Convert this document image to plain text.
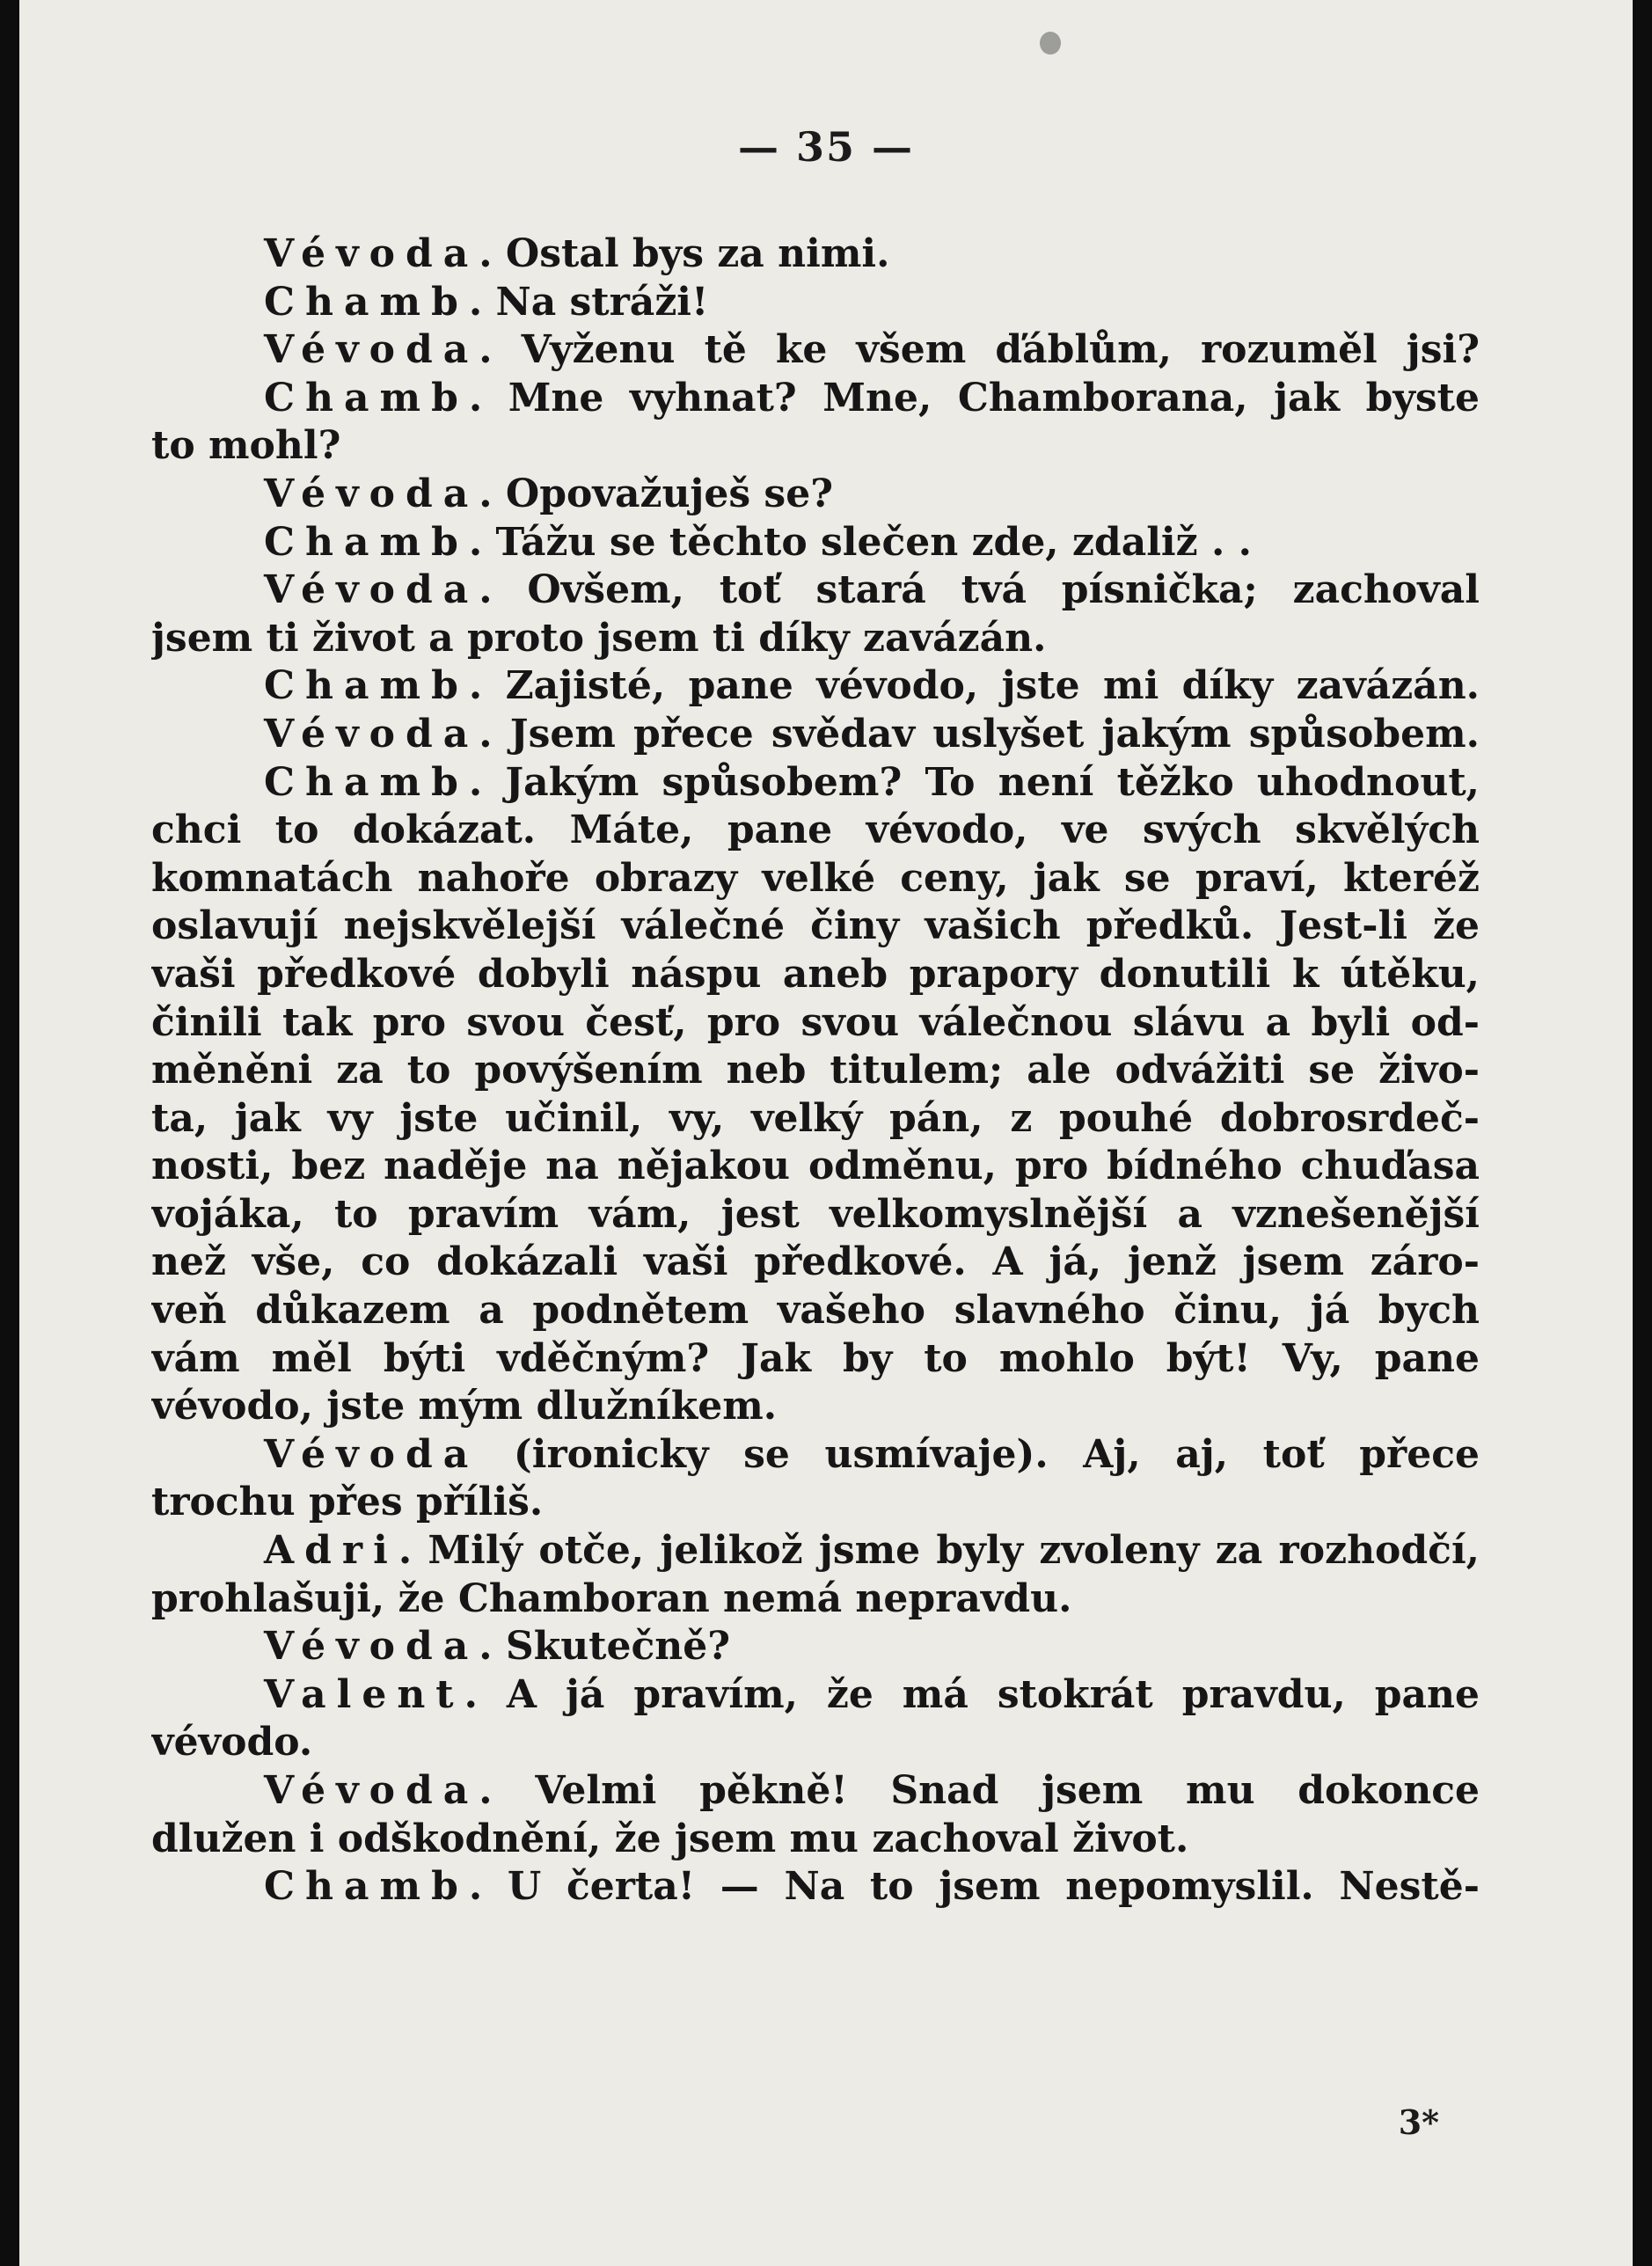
— 35 —
Vévoda. Ostal bys za nimi.
Chamb. Na stráži!
Vévoda. Vyženu tě ke všem ďáblům, rozuměl jsi?
Chamb. Mne vyhnat? Mne, Chamborana, jak byste
to mohl?
Vévoda. Opovažuješ se?
Chamb. Tážu se těchto slečen zde, zdaliž . .
Vévoda. Ovšem, toť stará tvá písnička; zachoval
jsem ti život a proto jsem ti díky zavázán.
Chamb. Zajisté, pane vévodo, jste mi díky zavázán.
Vévoda. Jsem přece svědav uslyšet jakým spůsobem.
Chamb. Jakým spůsobem? To není těžko uhodnout,
chci to dokázat. Máte, pane vévodo, ve svých skvělých
komnatách nahoře obrazy velké ceny, jak se praví, kteréž
oslavují nejskvělejší válečné činy vašich předků. Jest-li že
vaši předkové dobyli náspu aneb prapory donutili k útěku,
činili tak pro svou česť, pro svou válečnou slávu a byli od-
měněni za to povýšením neb titulem; ale odvážiti se živo-
ta, jak vy jste učinil, vy, velký pán, z pouhé dobrosrdeč-
nosti, bez naděje na nějakou odměnu, pro bídného chuďasa
vojáka, to pravím vám, jest velkomyslnější a vznešenější
než vše, co dokázali vaši předkové. A já, jenž jsem záro-
veň důkazem a podnětem vašeho slavného činu, já bych
vám měl býti vděčným? Jak by to mohlo být! Vy, pane
vévodo, jste mým dlužníkem.
Vévoda (ironicky se usmívaje). Aj, aj, toť přece
trochu přes příliš.
Adri. Milý otče, jelikož jsme byly zvoleny za rozhodčí,
prohlašuji, že Chamboran nemá nepravdu.
Vévoda. Skutečně?
Valent. A já pravím, že má stokrát pravdu, pane
vévodo.
Vévoda. Velmi pěkně! Snad jsem mu dokonce
dlužen i odškodnění, že jsem mu zachoval život.
Chamb. U čerta! — Na to jsem nepomyslil. Nestě-
3*
